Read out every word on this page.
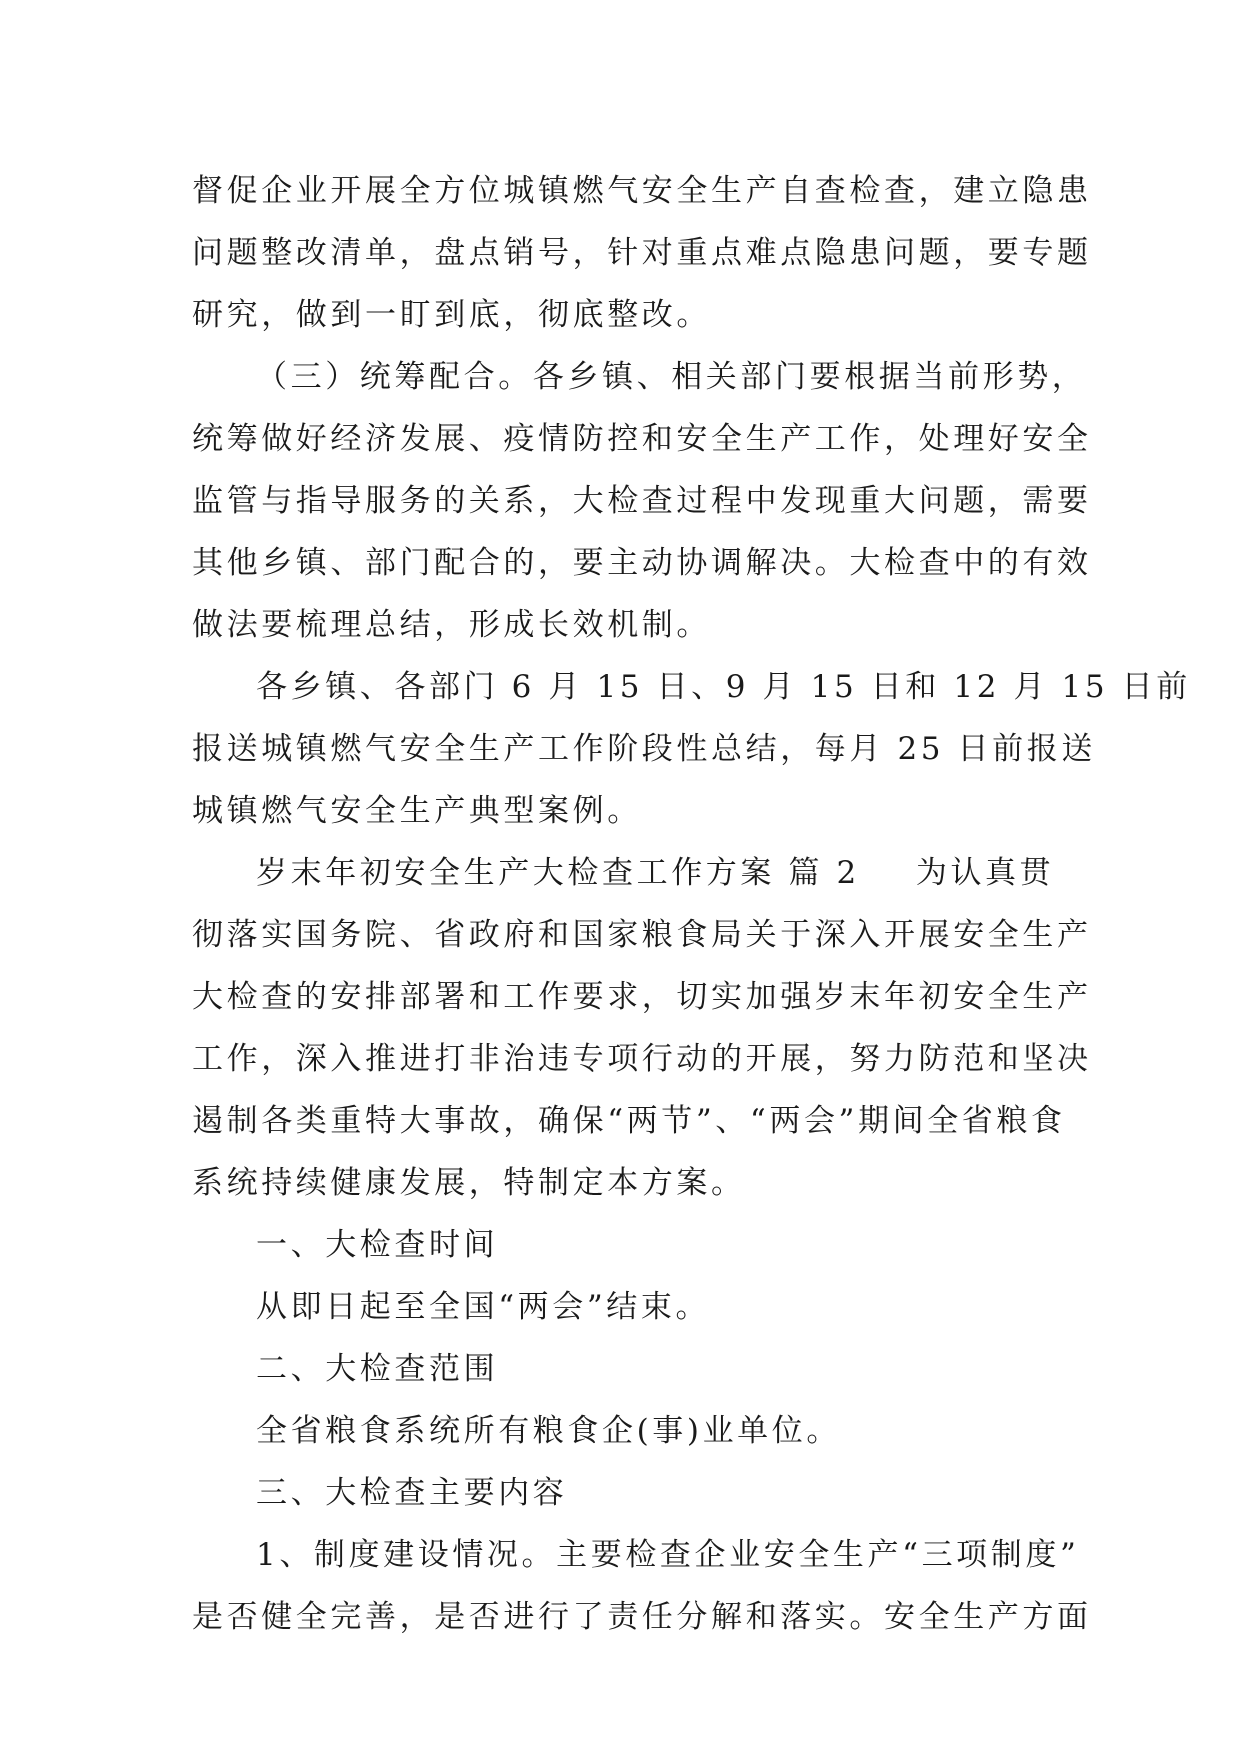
督促企业开展全方位城镇燃气安全生产自查检查，建立隐患
问题整改清单，盘点销号，针对重点难点隐患问题，要专题
研究，做到一盯到底，彻底整改。
（三）统筹配合。各乡镇、相关部门要根据当前形势，
统筹做好经济发展、疫情防控和安全生产工作，处理好安全
监管与指导服务的关系，大检查过程中发现重大问题，需要
其他乡镇、部门配合的，要主动协调解决。大检查中的有效
做法要梳理总结，形成长效机制。
各乡镇、各部门 6 月 15 日、9 月 15 日和 12 月 15 日前
报送城镇燃气安全生产工作阶段性总结，每月 25 日前报送
城镇燃气安全生产典型案例。
岁末年初安全生产大检查工作方案 篇 2 为认真贯
彻落实国务院、省政府和国家粮食局关于深入开展安全生产
大检查的安排部署和工作要求，切实加强岁末年初安全生产
工作，深入推进打非治违专项行动的开展，努力防范和坚决
遏制各类重特大事故，确保“两节”、“两会”期间全省粮食
系统持续健康发展，特制定本方案。
一、大检查时间
从即日起至全国“两会”结束。
二、大检查范围
全省粮食系统所有粮食企(事)业单位。
三、大检查主要内容
1、制度建设情况。主要检查企业安全生产“三项制度”
是否健全完善，是否进行了责任分解和落实。安全生产方面
